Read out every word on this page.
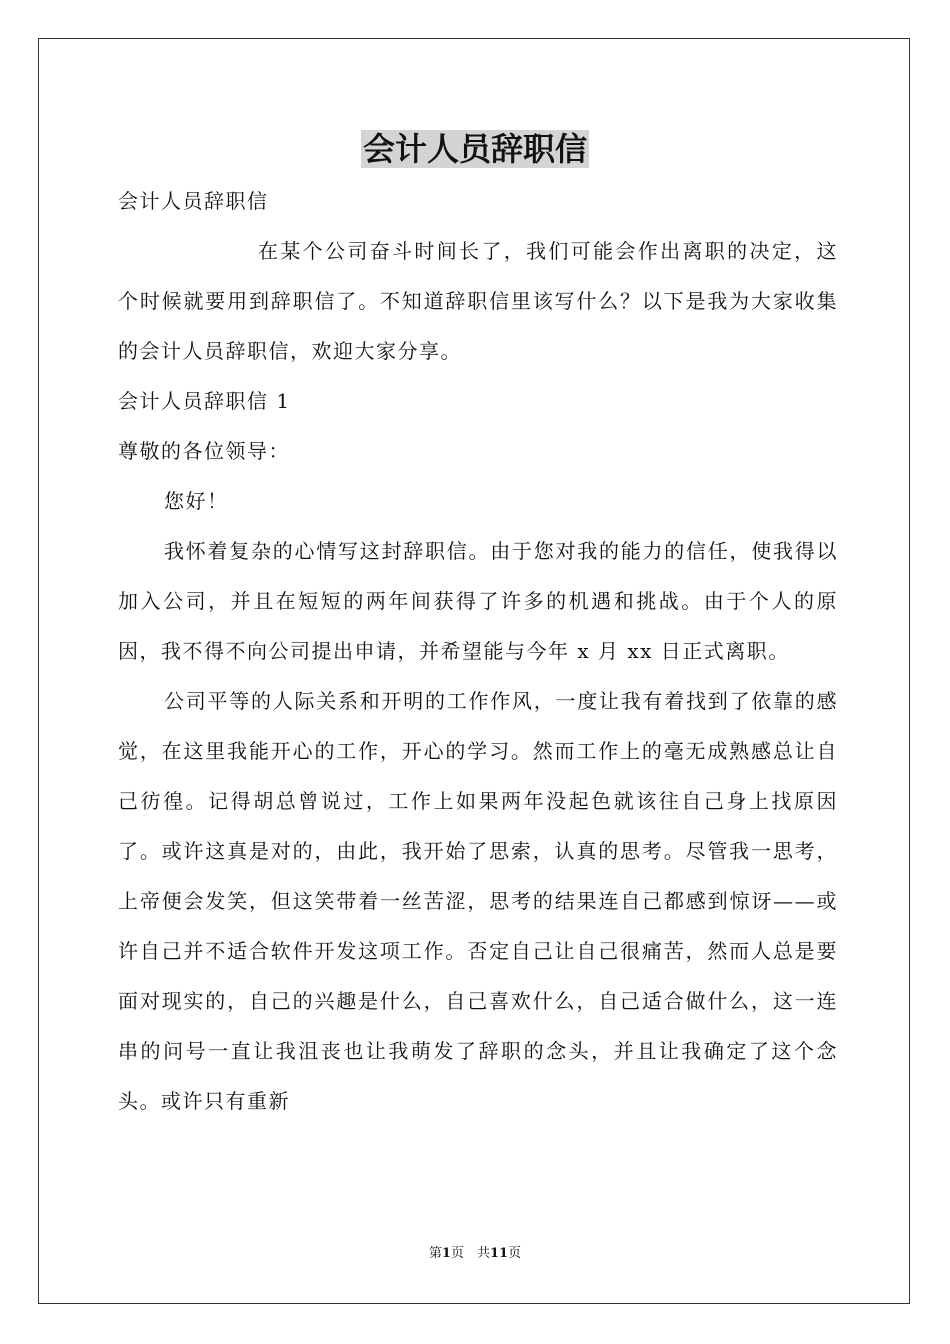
会计人员辞职信

会计人员辞职信

在某个公司奋斗时间长了，我们可能会作出离职的决定，这个时候就要用到辞职信了。不知道辞职信里该写什么？以下是我为大家收集的会计人员辞职信，欢迎大家分享。

会计人员辞职信 1

尊敬的各位领导：

您好！

我怀着复杂的心情写这封辞职信。由于您对我的能力的信任，使我得以加入公司，并且在短短的两年间获得了许多的机遇和挑战。由于个人的原因，我不得不向公司提出申请，并希望能与今年 x 月 xx 日正式离职。

公司平等的人际关系和开明的工作作风，一度让我有着找到了依靠的感觉，在这里我能开心的工作，开心的学习。然而工作上的毫无成熟感总让自己彷徨。记得胡总曾说过，工作上如果两年没起色就该往自己身上找原因了。或许这真是对的，由此，我开始了思索，认真的思考。尽管我一思考，上帝便会发笑，但这笑带着一丝苦涩，思考的结果连自己都感到惊讶——或许自己并不适合软件开发这项工作。否定自己让自己很痛苦，然而人总是要面对现实的，自己的兴趣是什么，自己喜欢什么，自己适合做什么，这一连串的问号一直让我沮丧也让我萌发了辞职的念头，并且让我确定了这个念头。或许只有重新

第1页　共11页
